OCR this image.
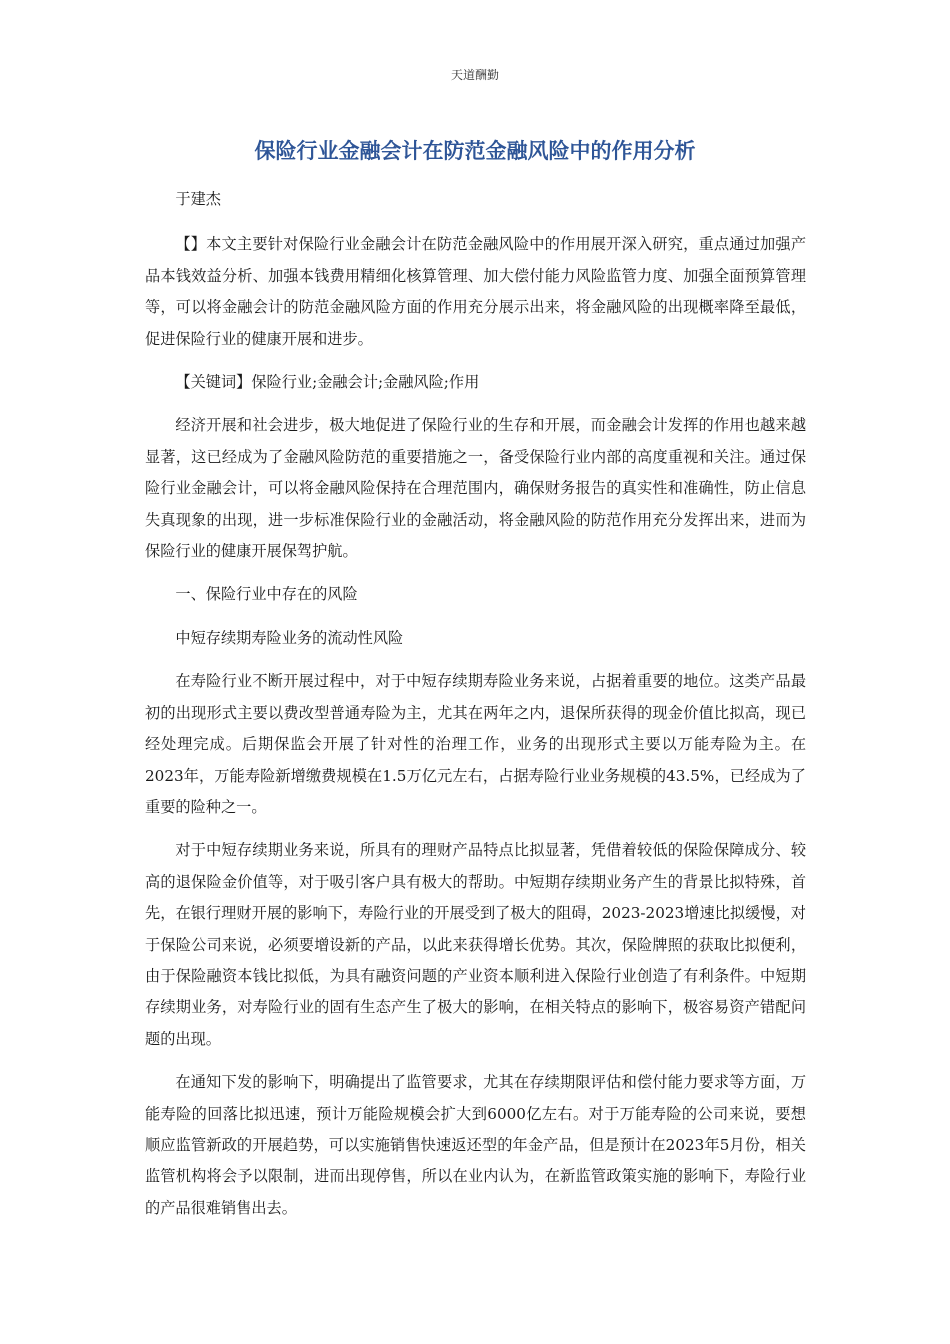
天道酬勤
保险行业金融会计在防范金融风险中的作用分析

于建杰

【】本文主要针对保险行业金融会计在防范金融风险中的作用展开深入研究，重点通过加强产品本钱效益分析、加强本钱费用精细化核算管理、加大偿付能力风险监管力度、加强全面预算管理等，可以将金融会计的防范金融风险方面的作用充分展示出来，将金融风险的出现概率降至最低，促进保险行业的健康开展和进步。

【关键词】保险行业;金融会计;金融风险;作用

经济开展和社会进步，极大地促进了保险行业的生存和开展，而金融会计发挥的作用也越来越显著，这已经成为了金融风险防范的重要措施之一，备受保险行业内部的高度重视和关注。通过保险行业金融会计，可以将金融风险保持在合理范围内，确保财务报告的真实性和准确性，防止信息失真现象的出现，进一步标准保险行业的金融活动，将金融风险的防范作用充分发挥出来，进而为保险行业的健康开展保驾护航。

一、保险行业中存在的风险

中短存续期寿险业务的流动性风险

在寿险行业不断开展过程中，对于中短存续期寿险业务来说，占据着重要的地位。这类产品最初的出现形式主要以费改型普通寿险为主，尤其在两年之内，退保所获得的现金价值比拟高，现已经处理完成。后期保监会开展了针对性的治理工作，业务的出现形式主要以万能寿险为主。在2023年，万能寿险新增缴费规模在1.5万亿元左右，占据寿险行业业务规模的43.5%，已经成为了重要的险种之一。

对于中短存续期业务来说，所具有的理财产品特点比拟显著，凭借着较低的保险保障成分、较高的退保险金价值等，对于吸引客户具有极大的帮助。中短期存续期业务产生的背景比拟特殊，首先，在银行理财开展的影响下，寿险行业的开展受到了极大的阻碍，2023-2023增速比拟缓慢，对于保险公司来说，必须要增设新的产品，以此来获得增长优势。其次，保险牌照的获取比拟便利，由于保险融资本钱比拟低，为具有融资问题的产业资本顺利进入保险行业创造了有利条件。中短期存续期业务，对寿险行业的固有生态产生了极大的影响，在相关特点的影响下，极容易资产错配问题的出现。

在通知下发的影响下，明确提出了监管要求，尤其在存续期限评估和偿付能力要求等方面，万能寿险的回落比拟迅速，预计万能险规模会扩大到6000亿左右。对于万能寿险的公司来说，要想顺应监管新政的开展趋势，可以实施销售快速返还型的年金产品，但是预计在2023年5月份，相关监管机构将会予以限制，进而出现停售，所以在业内认为，在新监管政策实施的影响下，寿险行业的产品很难销售出去。
